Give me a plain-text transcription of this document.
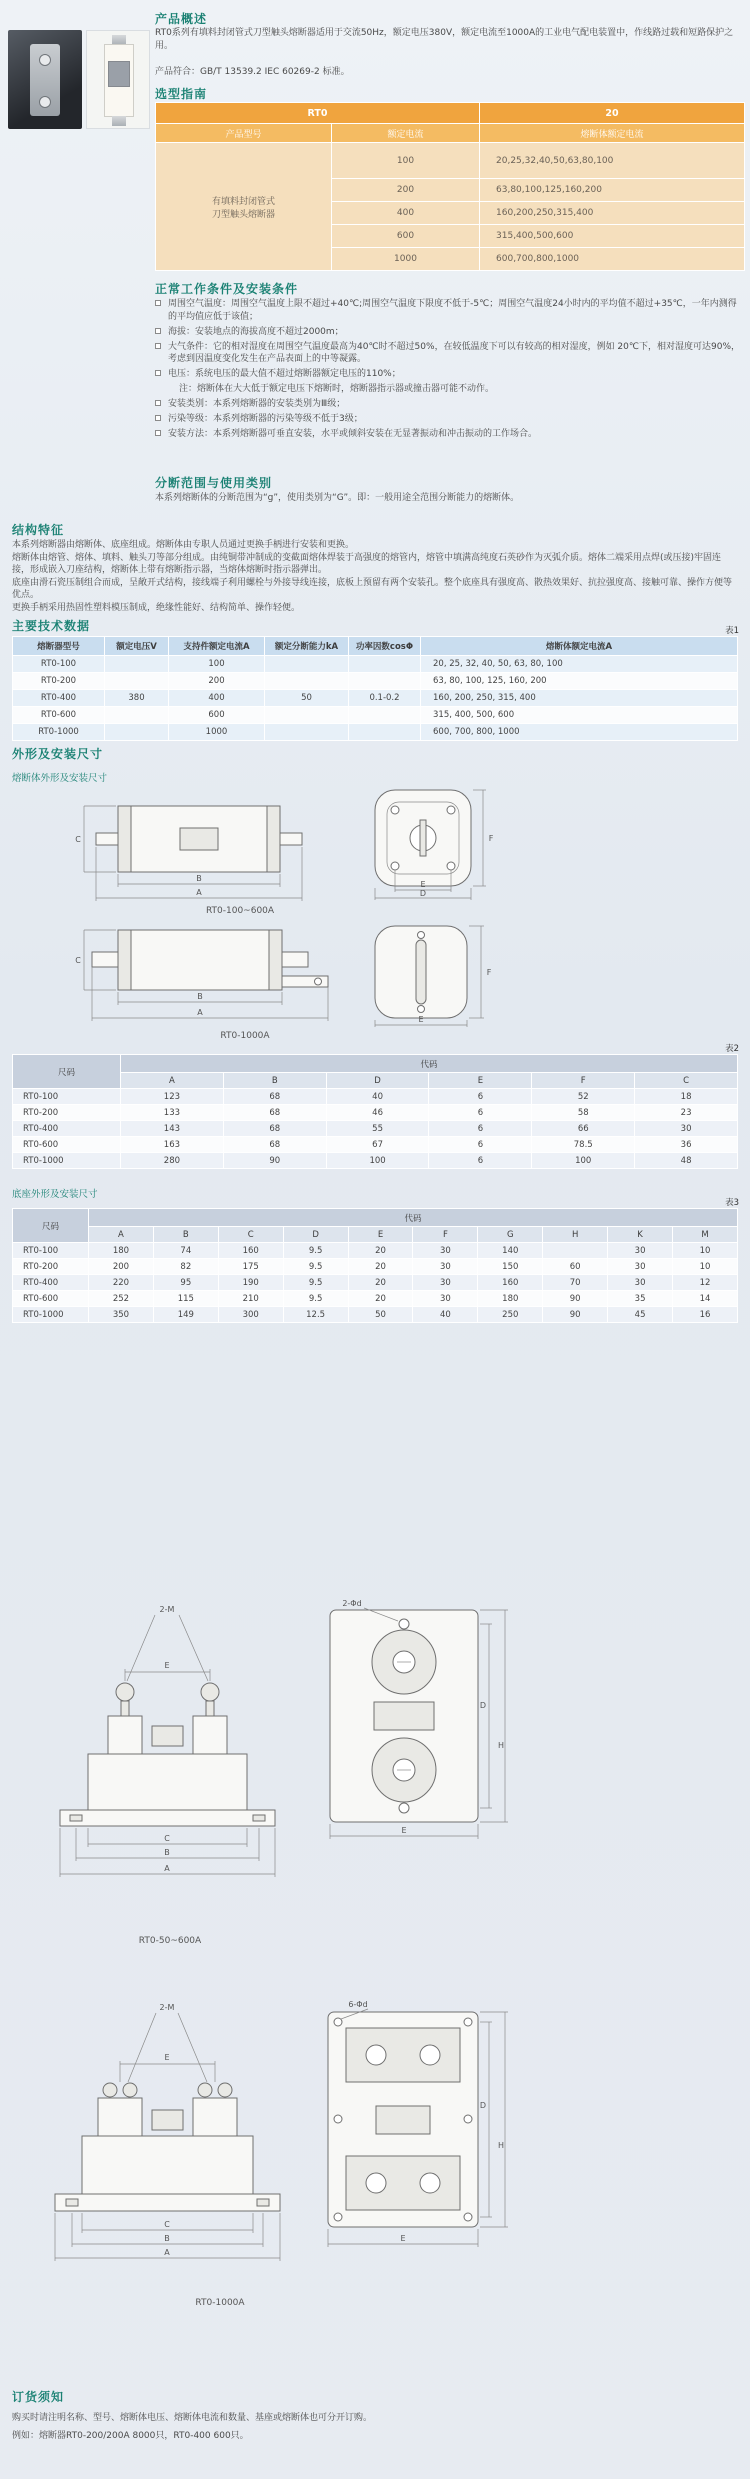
产品概述
RT0系列有填料封闭管式刀型触头熔断器适用于交流50Hz，额定电压380V，额定电流至1000A的工业电气配电装置中，作线路过载和短路保护之用。
产品符合：GB/T 13539.2 IEC 60269-2 标准。
选型指南
RT0		20
产品型号	额定电流	熔断体额定电流

有填料封闭管式
刀型触头熔断器	100	20,25,32,40,50,63,80,100
	200	63,80,100,125,160,200
	400	160,200,250,315,400
	600	315,400,500,600
	1000	600,700,800,1000
正常工作条件及安装条件
周围空气温度：周围空气温度上限不超过+40℃;周围空气温度下限度不低于-5℃；周围空气温度24小时内的平均值不超过+35℃，一年内测得的平均值应低于该值；
海拔：安装地点的海拔高度不超过2000m；
大气条件：它的相对湿度在周围空气温度最高为40℃时不超过50%，在较低温度下可以有较高的相对湿度，例如 20℃下，相对湿度可达90%，考虑到因温度变化发生在产品表面上的中等凝露。
电压：系统电压的最大值不超过熔断器额定电压的110%；
注：熔断体在大大低于额定电压下熔断时，熔断器指示器或撞击器可能不动作。
安装类别：本系列熔断器的安装类别为Ⅲ级；
污染等级：本系列熔断器的污染等级不低于3级；
安装方法：本系列熔断器可垂直安装，水平或倾斜安装在无显著振动和冲击振动的工作场合。
分断范围与使用类别
本系列熔断体的分断范围为“g”，使用类别为“G”。即：一般用途全范围分断能力的熔断体。
结构特征
本系列熔断器由熔断体、底座组成。熔断体由专职人员通过更换手柄进行安装和更换。
熔断体由熔管、熔体、填料、触头刀等部分组成。由纯铜带冲制成的变截面熔体焊装于高强度的熔管内，熔管中填满高纯度石英砂作为灭弧介质。熔体二端采用点焊(或压接)牢固连接，形成嵌入刀座结构，熔断体上带有熔断指示器，当熔体熔断时指示器弹出。
底座由滑石瓷压制组合而成，呈敞开式结构，接线端子利用螺栓与外接导线连接，底板上预留有两个安装孔。整个底座具有强度高、散热效果好、抗拉强度高、接触可靠、操作方便等优点。
更换手柄采用热固性塑料模压制成，绝缘性能好、结构简单、操作轻便。
主要技术数据	表1
熔断器型号	额定电压V	支持件额定电流A	额定分断能力kA	功率因数cosΦ	熔断体额定电流A
RT0-100		100			20, 25, 32, 40, 50, 63, 80, 100
RT0-200		200			63, 80, 100, 125, 160, 200
RT0-400	380	400	50	0.1-0.2	160, 200, 250, 315, 400
RT0-600		600			315, 400, 500, 600
RT0-1000		1000			600, 700, 800, 1000
外形及安装尺寸
熔断体外形及安装尺寸
C
B
A
F
E
D
RT0-100~600A
C
B
A
F
E
RT0-1000A
表2
尺码	代码					
	A	B	D	E	F	C
RT0-100	123	68	40	6	52	18
RT0-200	133	68	46	6	58	23
RT0-400	143	68	55	6	66	30
RT0-600	163	68	67	6	78.5	36
RT0-1000	280	90	100	6	100	48
底座外形及安装尺寸
表3
尺码	代码									
	A	B	C	D	E	F	G	H	K	M
RT0-100	180	74	160	9.5	20	30	140		30	10
RT0-200	200	82	175	9.5	20	30	150	60	30	10
RT0-400	220	95	190	9.5	20	30	160	70	30	12
RT0-600	252	115	210	9.5	20	30	180	90	35	14
RT0-1000	350	149	300	12.5	50	40	250	90	45	16
2-M
E
C
B
A
2-Φd
D
H
E
RT0-50~600A
2-M
E
C
B
A
6-Φd
D
H
E
RT0-1000A
订货须知
购买时请注明名称、型号、熔断体电压、熔断体电流和数量、基座或熔断体也可分开订购。
例如：熔断器RT0-200/200A 8000只，RT0-400 600只。
